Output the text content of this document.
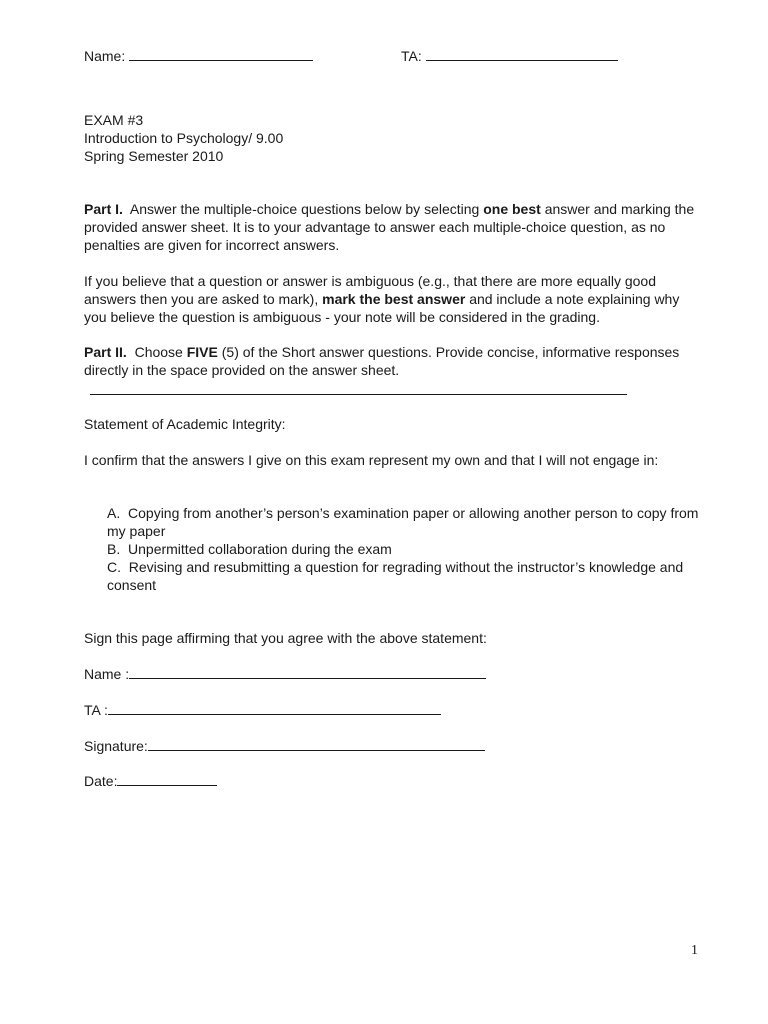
Name:	TA:
EXAM #3
Introduction to Psychology/ 9.00
Spring Semester 2010
Part I. Answer the multiple-choice questions below by selecting one best answer and marking the provided answer sheet. It is to your advantage to answer each multiple-choice question, as no penalties are given for incorrect answers.
If you believe that a question or answer is ambiguous (e.g., that there are more equally good answers then you are asked to mark), mark the best answer and include a note explaining why you believe the question is ambiguous - your note will be considered in the grading.
Part II. Choose FIVE (5) of the Short answer questions. Provide concise, informative responses directly in the space provided on the answer sheet.
Statement of Academic Integrity:
I confirm that the answers I give on this exam represent my own and that I will not engage in:
A. Copying from another’s person’s examination paper or allowing another person to copy from my paper
B. Unpermitted collaboration during the exam
C. Revising and resubmitting a question for regrading without the instructor’s knowledge and consent
Sign this page affirming that you agree with the above statement:
Name :
TA :
Signature:
Date:
1
